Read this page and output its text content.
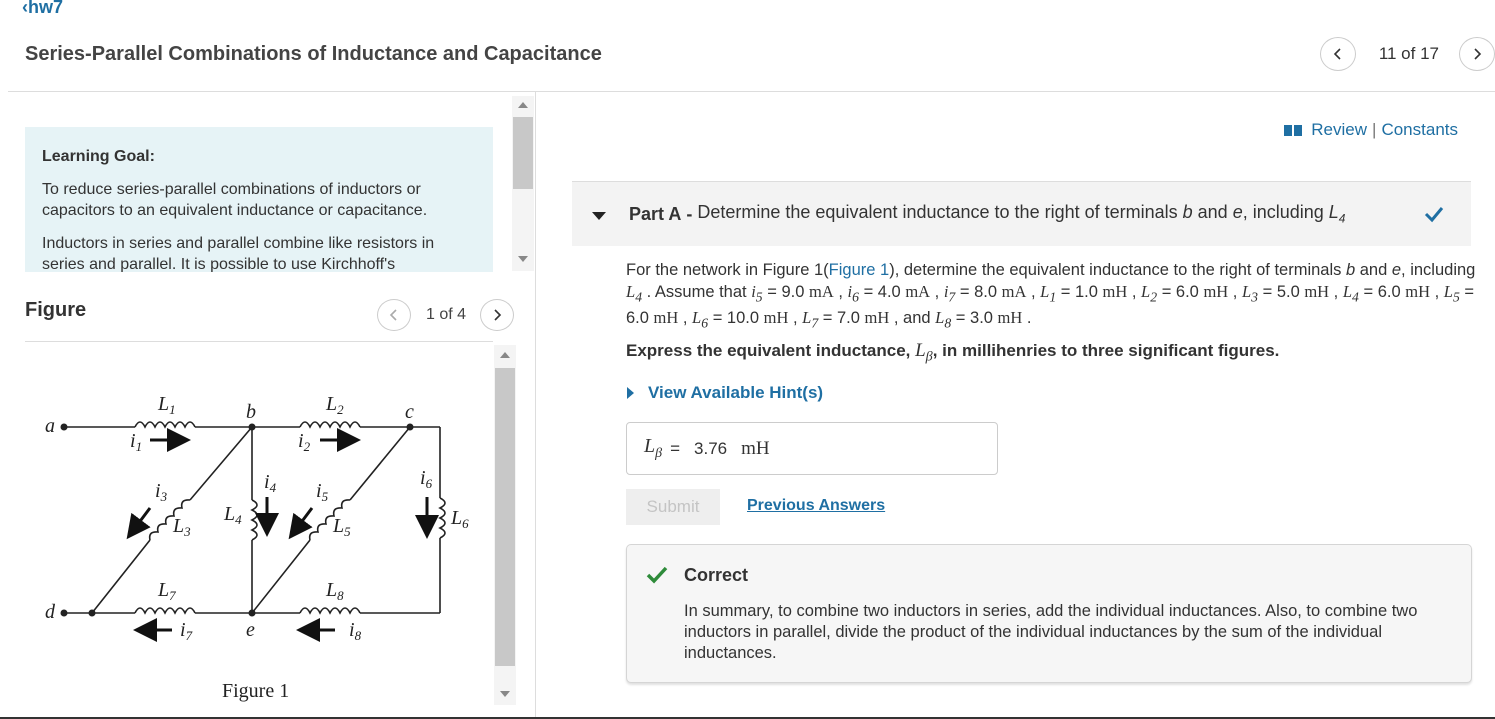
‹hw7
Series-Parallel Combinations of Inductance and Capacitance	11 of 17
Learning Goal:

To reduce series-parallel combinations of inductors or capacitors to an equivalent inductance or capacitance.

Inductors in series and parallel combine like resistors in series and parallel. It is possible to use Kirchhoff's

Figure	1 of 4
a
b	c
d
e
$L_1$	$L_2$
$L_3$
$L_4$	$L_5$
$L_6$
$L_7$	$L_8$
$i_1$	$i_2$
$i_3$
$i_4$ $i_5$
$i_6$
$i_7$	$i_8$
Figure 1
Review | Constants
Part A - Determine the equivalent inductance to the right of terminals b and e, including $L_4$
For the network in Figure 1(Figure 1), determine the equivalent inductance to the right of terminals b and e, including $L_4$ . Assume that $i_5 = 9.0$ mA , $i_6 = 4.0$ mA , $i_7 = 8.0$ mA , $L_1 = 1.0$ mH , $L_2 = 6.0$ mH , $L_3 = 5.0$ mH , $L_4 = 6.0$ mH , $L_5 = 6.0$ mH , $L_6 = 10.0$ mH , $L_7 = 7.0$ mH , and $L_8 = 3.0$ mH .
Express the equivalent inductance, $L_\beta$, in millihenries to three significant figures.
View Available Hint(s)
$L_\beta = 3.76$ mH
Submit	Previous Answers
Correct
In summary, to combine two inductors in series, add the individual inductances. Also, to combine two inductors in parallel, divide the product of the individual inductances by the sum of the individual inductances.
